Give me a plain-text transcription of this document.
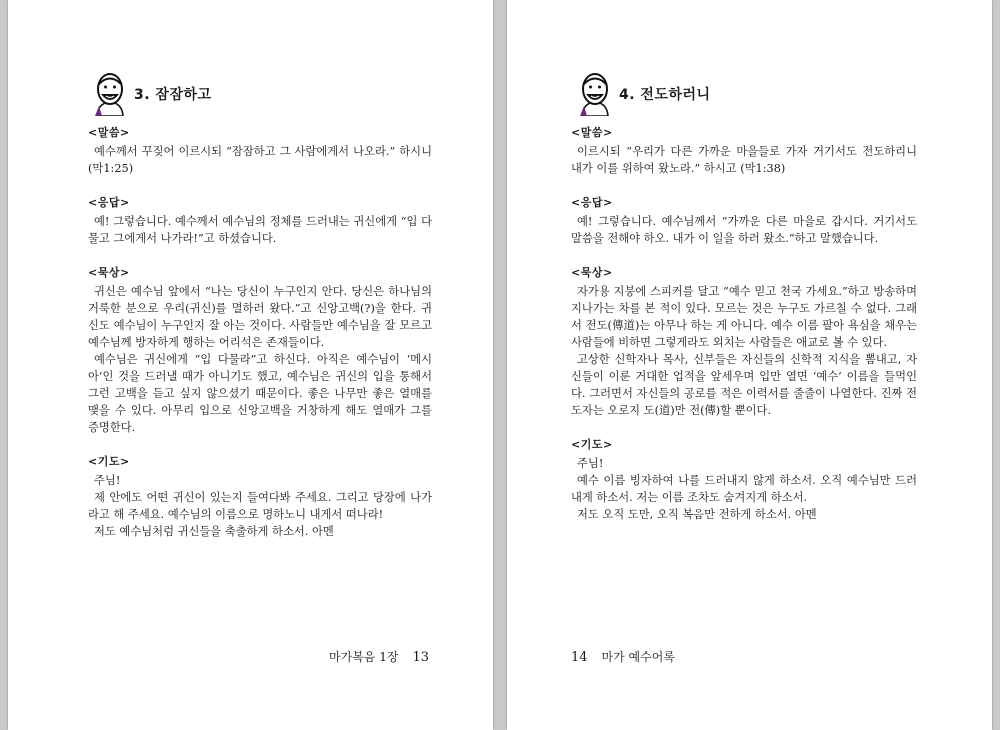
3. 잠잠하고
<말씀>

예수께서 꾸짖어 이르시되 “잠잠하고 그 사람에게서 나오라.” 하시니 (막1:25)

<응답>

예! 그렇습니다. 예수께서 예수님의 정체를 드러내는 귀신에게 “입 다물고 그에게서 나가라!”고 하셨습니다.

<묵상>

귀신은 예수님 앞에서 “나는 당신이 누구인지 안다. 당신은 하나님의 거룩한 분으로 우리(귀신)를 멸하러 왔다.”고 신앙고백(?)을 한다. 귀신도 예수님이 누구인지 잘 아는 것이다. 사람들만 예수님을 잘 모르고 예수님께 방자하게 행하는 어리석은 존재들이다.

예수님은 귀신에게 “입 다물라”고 하신다. 아직은 예수님이 ‘메시아’인 것을 드러낼 때가 아니기도 했고, 예수님은 귀신의 입을 통해서 그런 고백을 듣고 싶지 않으셨기 때문이다. 좋은 나무만 좋은 열매를 맺을 수 있다. 아무리 입으로 신앙고백을 거창하게 해도 열매가 그를 증명한다.

<기도>

주님!

제 안에도 어떤 귀신이 있는지 들여다봐 주세요. 그리고 당장에 나가라고 해 주세요. 예수님의 이름으로 명하노니 내게서 떠나라!

저도 예수님처럼 귀신들을 축출하게 하소서. 아멘

마가복음 1장 13
4. 전도하러니
<말씀>

이르시되 “우리가 다른 가까운 마을들로 가자 거기서도 전도하리니 내가 이를 위하여 왔노라.” 하시고 (막1:38)

<응답>

예! 그렇습니다. 예수님께서 “가까운 다른 마을로 갑시다. 거기서도 말씀을 전해야 하오. 내가 이 일을 하러 왔소.”하고 말했습니다.

<묵상>

자가용 지붕에 스피커를 달고 “예수 믿고 천국 가세요.”하고 방송하며 지나가는 차를 본 적이 있다. 모르는 것은 누구도 가르칠 수 없다. 그래서 전도(傳道)는 아무나 하는 게 아니다. 예수 이름 팔아 욕심을 채우는 사람들에 비하면 그렇게라도 외치는 사람들은 애교로 볼 수 있다.

고상한 신학자나 목사, 신부들은 자신들의 신학적 지식을 뽐내고, 자신들이 이룬 거대한 업적을 앞세우며 입만 열면 ‘예수’ 이름을 들먹인다. 그러면서 자신들의 공로를 적은 이력서를 줄줄이 나열한다. 진짜 전도자는 오로지 도(道)만 전(傳)할 뿐이다.

<기도>

주님!

예수 이름 빙자하여 나를 드러내지 않게 하소서. 오직 예수님만 드러내게 하소서. 저는 이름 조차도 숨겨지게 하소서.

저도 오직 도만, 오직 복음만 전하게 하소서. 아멘

14 마가 예수어록
